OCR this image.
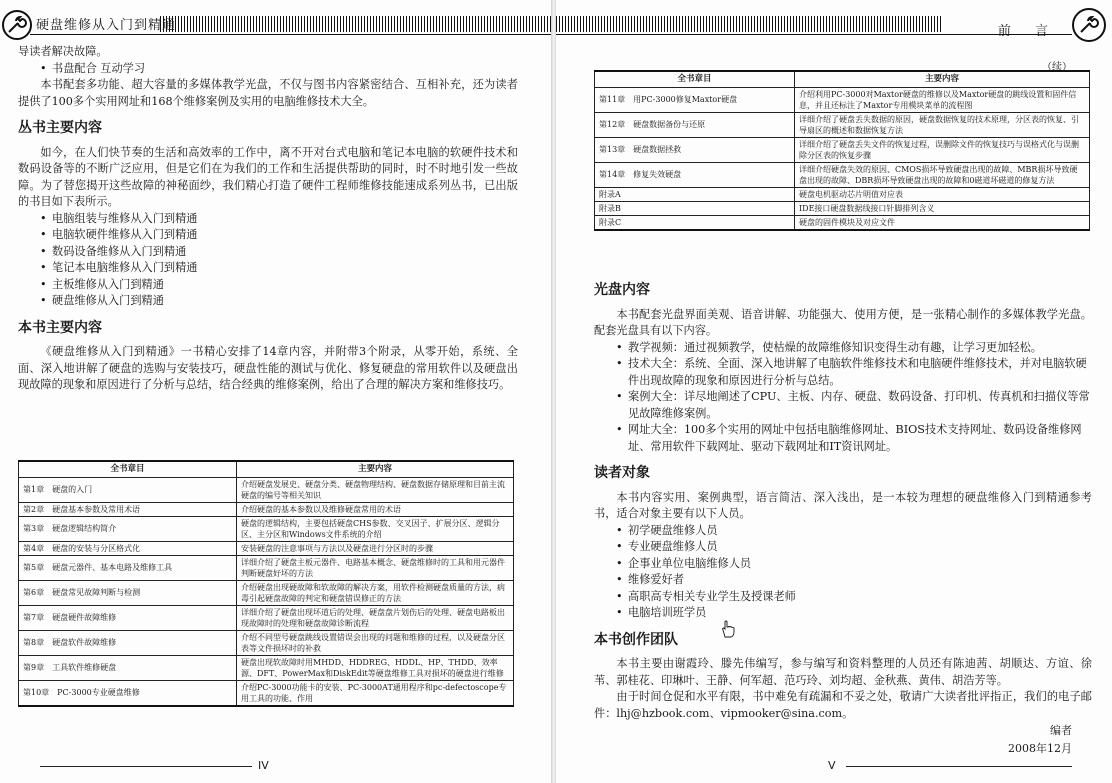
硬盘维修从入门到精通

导读者解决故障。

• 书盘配合 互动学习

本书配套多功能、超大容量的多媒体教学光盘，不仅与图书内容紧密结合、互相补充，还为读者提供了100多个实用网址和168个维修案例及实用的电脑维修技术大全。

丛书主要内容

如今，在人们快节奏的生活和高效率的工作中，离不开对台式电脑和笔记本电脑的软硬件技术和数码设备等的不断广泛应用，但是它们在为我们的工作和生活提供帮助的同时，时不时地引发一些故障。为了替您揭开这些故障的神秘面纱，我们精心打造了硬件工程师维修技能速成系列丛书，已出版的书目如下表所示。

• 电脑组装与维修从入门到精通
• 电脑软硬件维修从入门到精通
• 数码设备维修从入门到精通
• 笔记本电脑维修从入门到精通
• 主板维修从入门到精通
• 硬盘维修从入门到精通
本书主要内容

《硬盘维修从入门到精通》一书精心安排了14章内容，并附带3个附录，从零开始，系统、全面、深入地讲解了硬盘的选购与安装技巧，硬盘性能的测试与优化、修复硬盘的常用软件以及硬盘出现故障的现象和原因进行了分析与总结，结合经典的维修案例，给出了合理的解决方案和维修技巧。

全书章目	主要内容
第1章　硬盘的入门	介绍硬盘发展史、硬盘分类、硬盘物理结构、硬盘数据存储原理和目前主流硬盘的编号等相关知识
第2章　硬盘基本参数及常用术语	介绍硬盘的基本参数以及维修硬盘常用的术语
第3章　硬盘逻辑结构简介	硬盘的逻辑结构，主要包括硬盘CHS参数、交叉因子、扩展分区、逻辑分区、主分区和Windows文件系统的介绍
第4章　硬盘的安装与分区格式化	安装硬盘的注意事项与方法以及硬盘进行分区时的步骤
第5章　硬盘元器件、基本电路及维修工具	详细介绍了硬盘主板元器件、电路基本概念、硬盘维修时的工具和用元器件判断硬盘好坏的方法
第6章　硬盘常见故障判断与检测	介绍硬盘出现硬故障和软故障的解决方案，用软件检测硬盘质量的方法，病毒引起硬盘故障的判定和硬盘错误修正的方法
第7章　硬盘硬件故障维修	详细介绍了硬盘出现坏道后的处理、硬盘盘片划伤后的处理、硬盘电路板出现故障时的处理和硬盘故障诊断流程
第8章　硬盘软件故障维修	介绍不同型号硬盘跳线设置错误会出现的问题和维修的过程，以及硬盘分区表等文件损坏时的补救
第9章　工具软件维修硬盘	硬盘出现软故障时用MHDD、HDDREG、HDDL、HP、THDD、效率源、DFT、PowerMax和DiskEdit等硬盘维修工具对损坏的硬盘进行维修
第10章　PC-3000专业硬盘维修	介绍PC-3000功能卡的安装、PC-3000AT通用程序和pc-defectoscope专用工具的功能、作用
IV
前 言
（续）
全书章目	主要内容
第11章　用PC-3000修复Maxtor硬盘	介绍利用PC-3000对Maxtor硬盘的维修以及Maxtor硬盘的跳线设置和固件信息，并且还标注了Maxtor专用模块菜单的流程图
第12章　硬盘数据备份与还原	详细介绍了硬盘丢失数据的原因，硬盘数据恢复的技术原理，分区表的恢复、引导扇区的概述和数据恢复方法
第13章　硬盘数据拯救	详细介绍了硬盘丢失文件的恢复过程，误删除文件的恢复技巧与误格式化与误删除分区表的恢复步骤
第14章　修复失效硬盘	详细介绍硬盘失效的原因、CMOS损坏导致硬盘出现的故障、MBR损坏导致硬盘出现的故障、DBR损坏导致硬盘出现的故障和0磁道坏磁道的修复方法
附录A	硬盘电机驱动芯片明值对应表
附录B	IDE接口硬盘数据线接口针脚排列含义
附录C	硬盘的固件模块及对应文件
光盘内容

本书配套光盘界面美观、语音讲解、功能强大、使用方便，是一张精心制作的多媒体教学光盘。配套光盘具有以下内容。

• 教学视频：通过视频教学，使枯燥的故障维修知识变得生动有趣，让学习更加轻松。
• 技术大全：系统、全面、深入地讲解了电脑软件维修技术和电脑硬件维修技术，并对电脑软硬件出现故障的现象和原因进行分析与总结。
• 案例大全：详尽地阐述了CPU、主板、内存、硬盘、数码设备、打印机、传真机和扫描仪等常见故障维修案例。
• 网址大全：100多个实用的网址中包括电脑维修网址、BIOS技术支持网址、数码设备维修网址、常用软件下载网址、驱动下载网址和IT资讯网址。
读者对象

本书内容实用、案例典型，语言简洁、深入浅出，是一本较为理想的硬盘维修入门到精通参考书，适合对象主要有以下人员。

• 初学硬盘维修人员
• 专业硬盘维修人员
• 企事业单位电脑维修人员
• 维修爱好者
• 高职高专相关专业学生及授课老师
• 电脑培训班学员
本书创作团队

本书主要由谢霞玲、滕先伟编写，参与编写和资料整理的人员还有陈迪茜、胡顺达、方谊、徐苇、郭桂花、印琳叶、王静、何军超、范巧玲、刘均超、金秋燕、黄伟、胡浩芳等。

由于时间仓促和水平有限，书中难免有疏漏和不妥之处，敬请广大读者批评指正，我们的电子邮件：lhj@hzbook.com、vipmooker@sina.com。

编者
2008年12月
V
